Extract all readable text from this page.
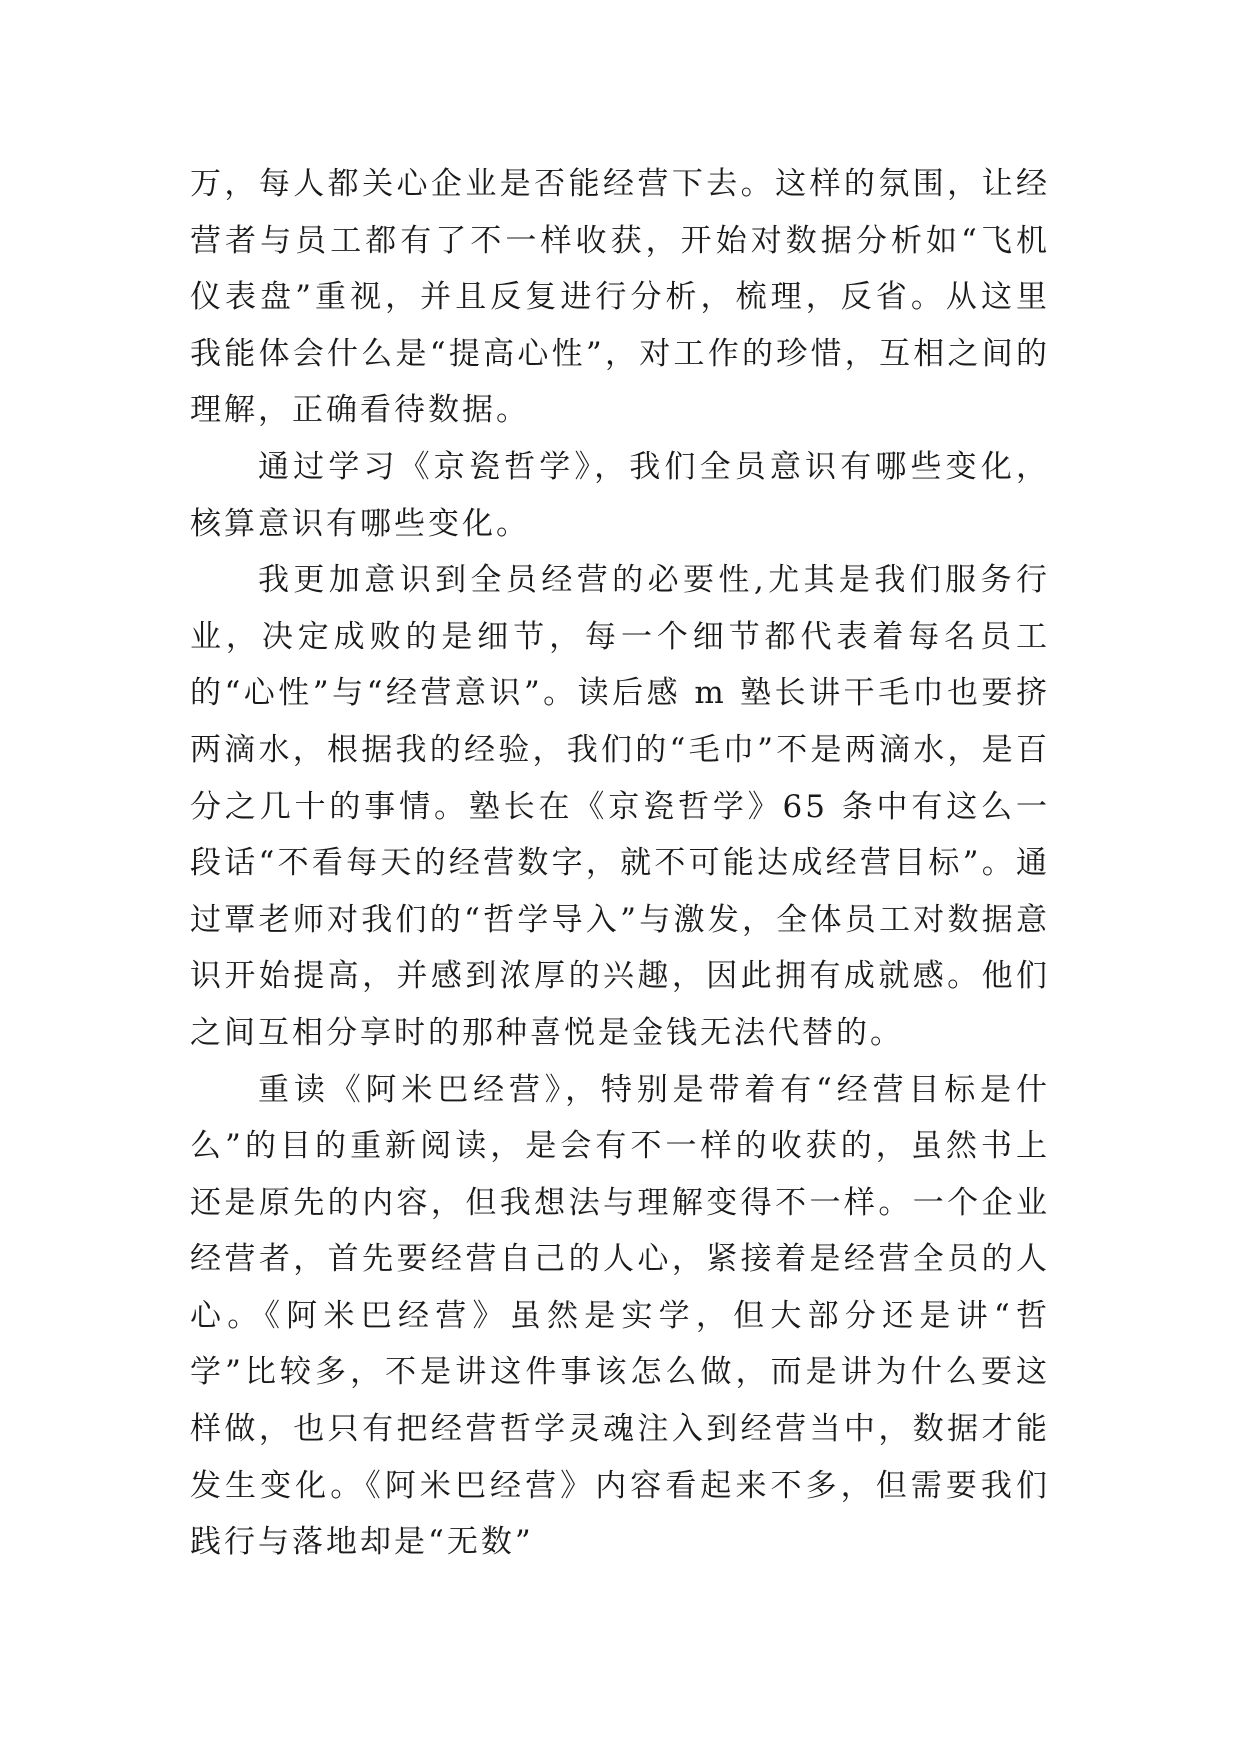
万，每人都关心企业是否能经营下去。这样的氛围，让经营者与员工都有了不一样收获，开始对数据分析如“飞机仪表盘”重视，并且反复进行分析，梳理，反省。从这里我能体会什么是“提高心性”，对工作的珍惜，互相之间的理解，正确看待数据。

通过学习《京瓷哲学》，我们全员意识有哪些变化，核算意识有哪些变化。

我更加意识到全员经营的必要性,尤其是我们服务行业，决定成败的是细节，每一个细节都代表着每名员工的“心性”与“经营意识”。读后感 m 塾长讲干毛巾也要挤两滴水，根据我的经验，我们的“毛巾”不是两滴水，是百分之几十的事情。塾长在《京瓷哲学》65 条中有这么一段话“不看每天的经营数字，就不可能达成经营目标”。通过覃老师对我们的“哲学导入”与激发，全体员工对数据意识开始提高，并感到浓厚的兴趣，因此拥有成就感。他们之间互相分享时的那种喜悦是金钱无法代替的。

重读《阿米巴经营》，特别是带着有“经营目标是什么”的目的重新阅读，是会有不一样的收获的，虽然书上还是原先的内容，但我想法与理解变得不一样。一个企业经营者，首先要经营自己的人心，紧接着是经营全员的人心。《阿米巴经营》虽然是实学，但大部分还是讲“哲学”比较多，不是讲这件事该怎么做，而是讲为什么要这样做，也只有把经营哲学灵魂注入到经营当中，数据才能发生变化。《阿米巴经营》内容看起来不多，但需要我们践行与落地却是“无数”
